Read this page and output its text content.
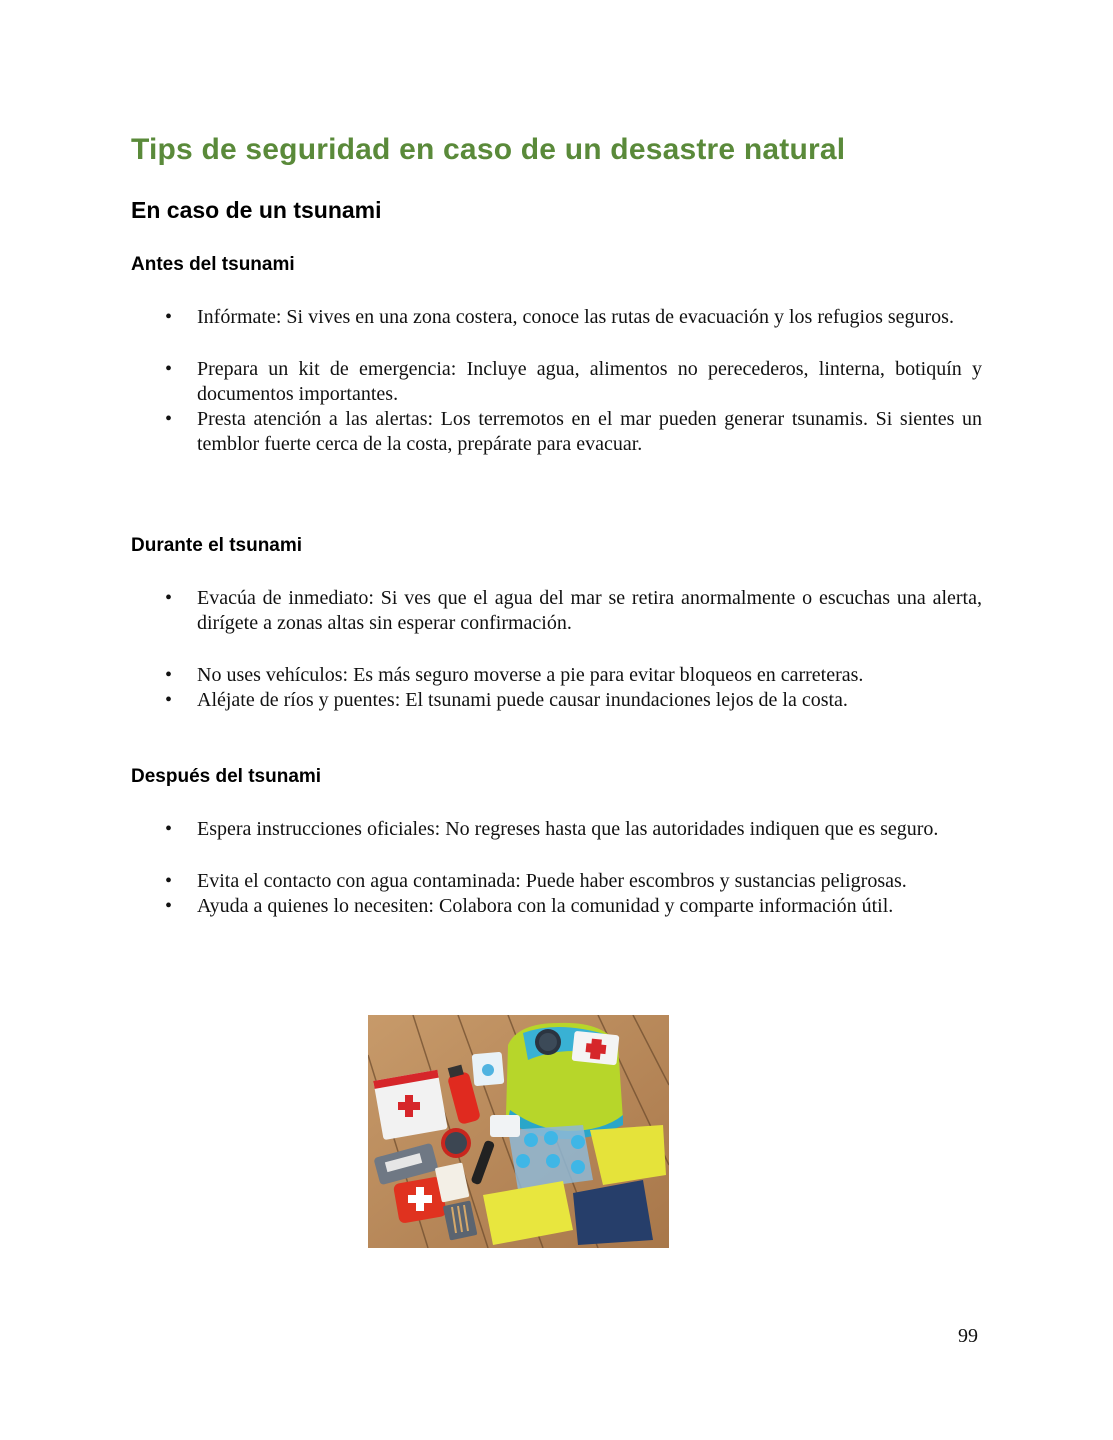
Tips de seguridad en caso de un desastre natural
En caso de un tsunami
Antes del tsunami
• Infórmate: Si vives en una zona costera, conoce las rutas de evacuación y los refugios seguros.
• Prepara un kit de emergencia: Incluye agua, alimentos no perecederos, linterna, botiquín y documentos importantes.
• Presta atención a las alertas: Los terremotos en el mar pueden generar tsunamis. Si sientes un temblor fuerte cerca de la costa, prepárate para evacuar.
Durante el tsunami
• Evacúa de inmediato: Si ves que el agua del mar se retira anormalmente o escuchas una alerta, dirígete a zonas altas sin esperar confirmación.
• No uses vehículos: Es más seguro moverse a pie para evitar bloqueos en carreteras.
• Aléjate de ríos y puentes: El tsunami puede causar inundaciones lejos de la costa.
Después del tsunami
• Espera instrucciones oficiales: No regreses hasta que las autoridades indiquen que es seguro.
• Evita el contacto con agua contaminada: Puede haber escombros y sustancias peligrosas.
• Ayuda a quienes lo necesiten: Colabora con la comunidad y comparte información útil.
99
